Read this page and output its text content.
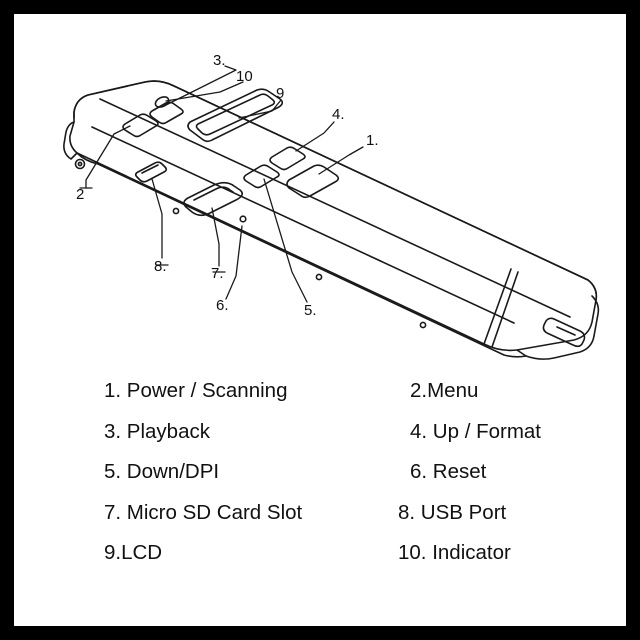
1.
2
3.
4.
5.
6.
7.
8.
9
10
1. Power / Scanning	2.Menu
3. Playback	4. Up / Format
5. Down/DPI	6. Reset
7. Micro SD Card Slot	8. USB Port
9.LCD	10. Indicator
